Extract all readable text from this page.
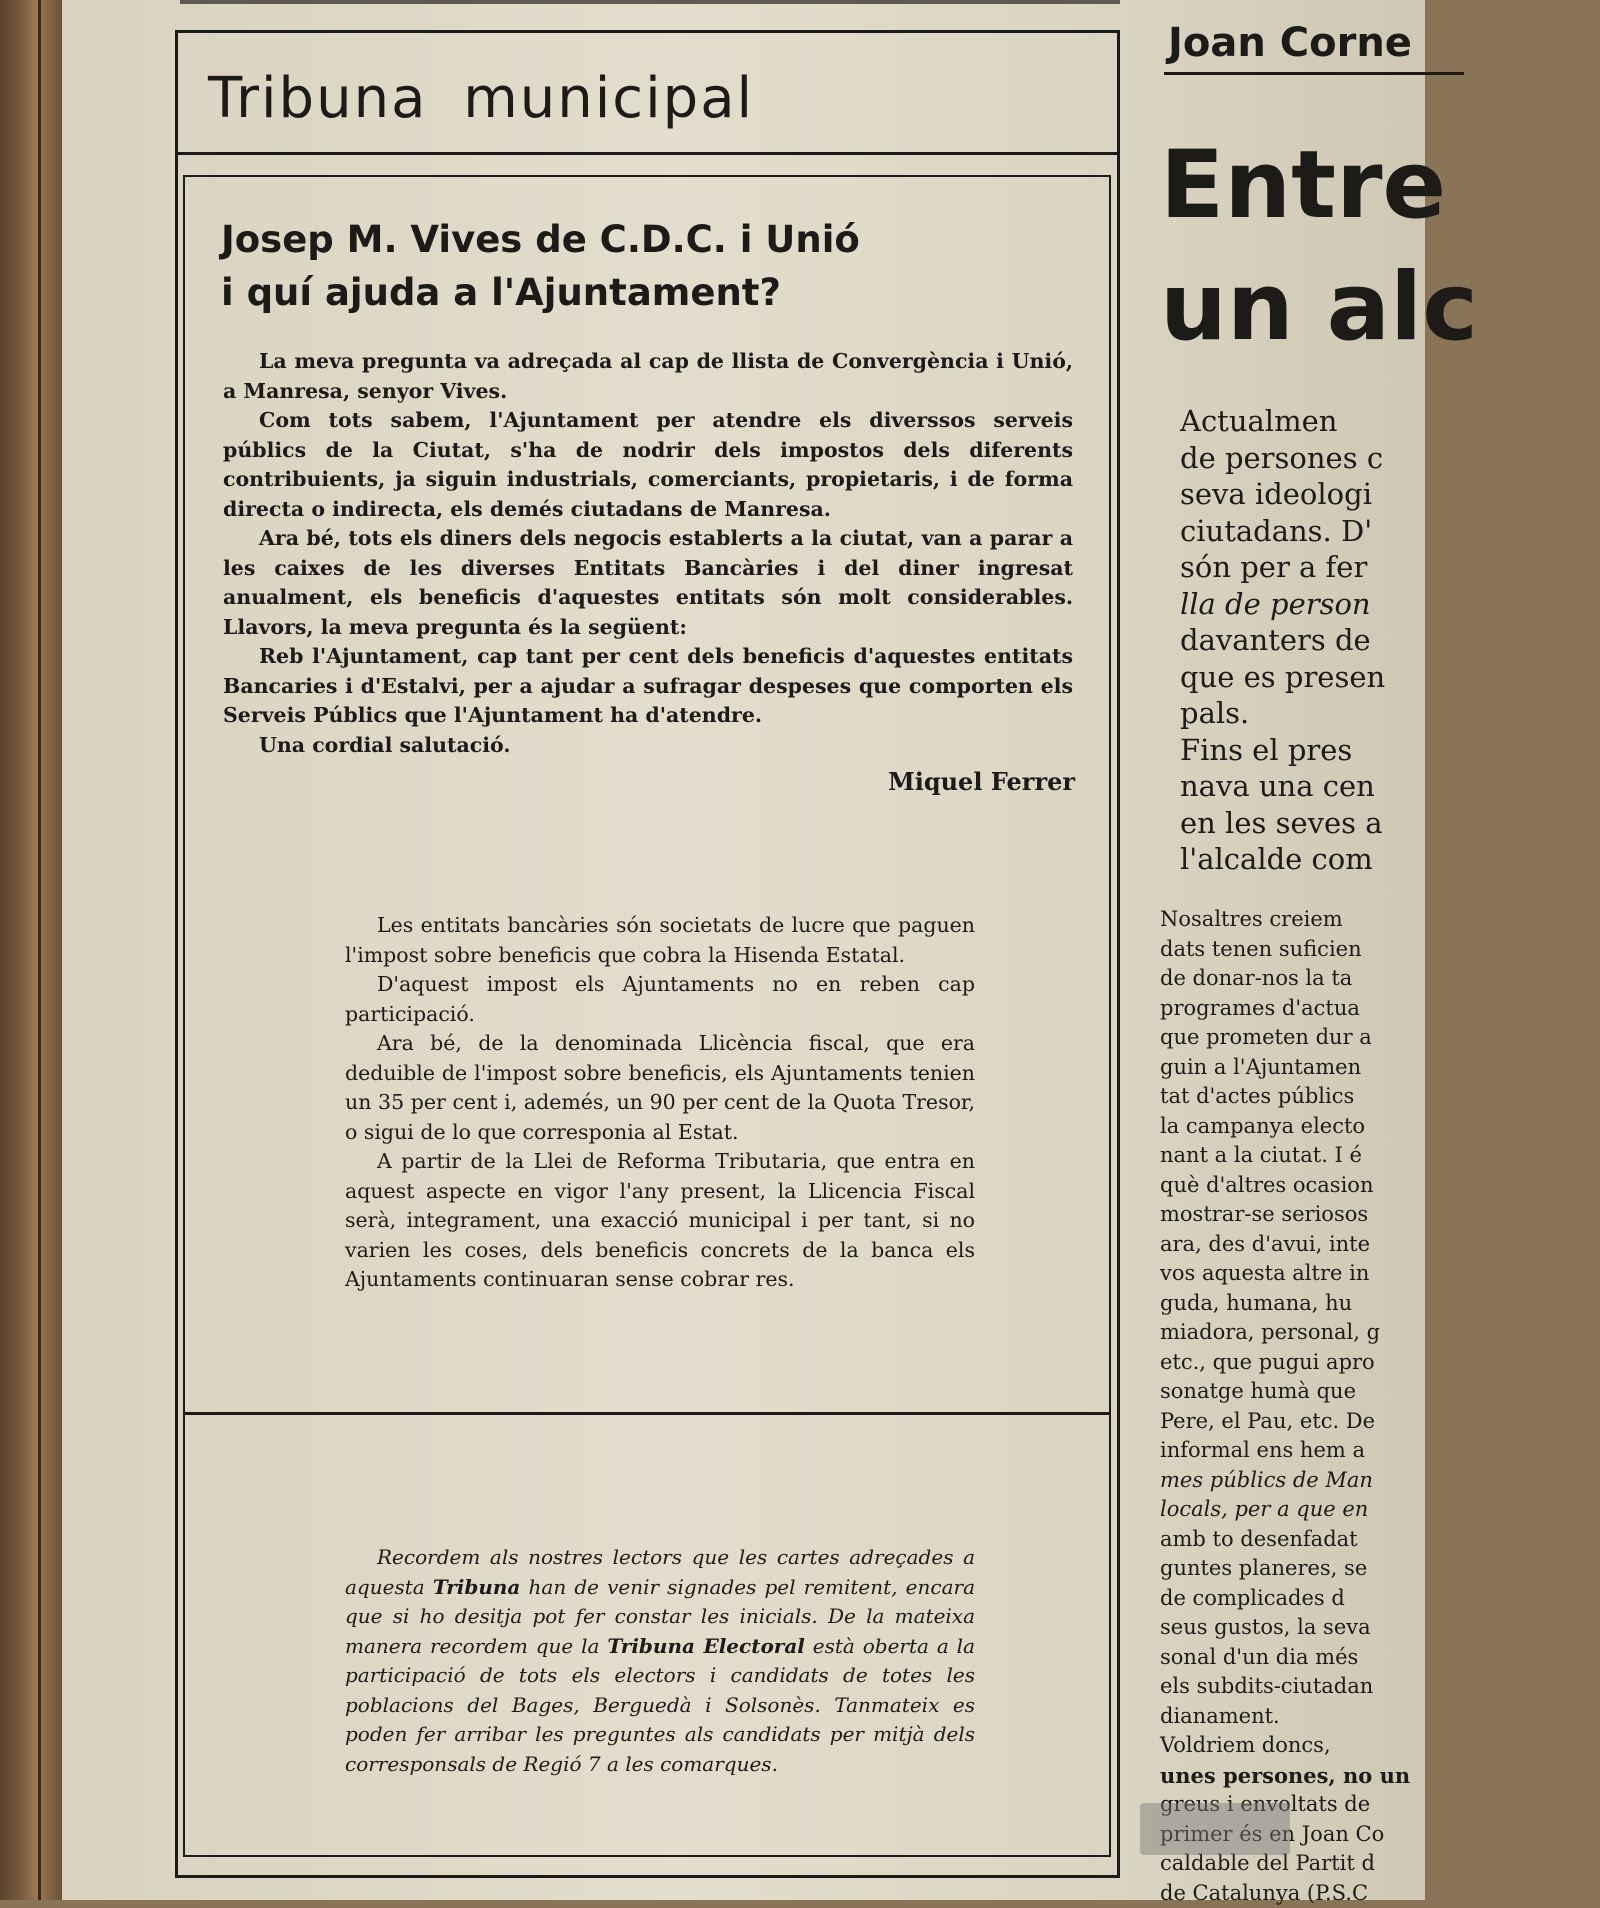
Tribuna municipal
Josep M. Vives de C.D.C. i Unió
i quí ajuda a l'Ajuntament?

La meva pregunta va adreçada al cap de llista de Convergència i Unió, a Manresa, senyor Vives.

Com tots sabem, l'Ajuntament per atendre els diverssos serveis públics de la Ciutat, s'ha de nodrir dels impostos dels diferents contribuients, ja siguin industrials, comerciants, propietaris, i de forma directa o indirecta, els demés ciutadans de Manresa.

Ara bé, tots els diners dels negocis establerts a la ciutat, van a parar a les caixes de les diverses Entitats Bancàries i del diner ingresat anualment, els beneficis d'aquestes entitats són molt considerables. Llavors, la meva pregunta és la següent:

Reb l'Ajuntament, cap tant per cent dels beneficis d'aquestes entitats Bancaries i d'Estalvi, per a ajudar a sufragar despeses que comporten els Serveis Públics que l'Ajuntament ha d'atendre.

Una cordial salutació.

Miquel Ferrer

Les entitats bancàries són societats de lucre que paguen l'impost sobre beneficis que cobra la Hisenda Estatal.

D'aquest impost els Ajuntaments no en reben cap participació.

Ara bé, de la denominada Llicència fiscal, que era deduible de l'impost sobre beneficis, els Ajuntaments tenien un 35 per cent i, ademés, un 90 per cent de la Quota Tresor, o sigui de lo que corresponia al Estat.

A partir de la Llei de Reforma Tributaria, que entra en aquest aspecte en vigor l'any present, la Llicencia Fiscal serà, integrament, una exacció municipal i per tant, si no varien les coses, dels beneficis concrets de la banca els Ajuntaments continuaran sense cobrar res.

Recordem als nostres lectors que les cartes adreçades a aquesta Tribuna han de venir signades pel remitent, encara que si ho desitja pot fer constar les inicials. De la mateixa manera recordem que la Tribuna Electoral està oberta a la participació de tots els electors i candidats de totes les poblacions del Bages, Berguedà i Solsonès. Tanmateix es poden fer arribar les preguntes als candidats per mitjà dels corresponsals de Regió 7 a les comarques.

Joan Corne

Entre
un alc
Actualmen
de persones c
seva ideologi
ciutadans. D'
són per a fer
lla de person
davanters de
que es presen
pals.
Fins el pres
nava una cen
en les seves a
l'alcalde com
Nosaltres creiem
dats tenen suficien
de donar-nos la ta
programes d'actua
que prometen dur a
guin a l'Ajuntamen
tat d'actes públics
la campanya electo
nant a la ciutat. I é
què d'altres ocasion
mostrar-se seriosos
ara, des d'avui, inte
vos aquesta altre in
guda, humana, hu
miadora, personal, g
etc., que pugui apro
sonatge humà que
Pere, el Pau, etc. De
informal ens hem a
mes públics de Man
locals, per a que en
amb to desenfadat
guntes planeres, se
de complicades d
seus gustos, la seva
sonal d'un dia més
els subdits-ciutadan
dianament.
Voldriem doncs,
unes persones, no un
greus i envoltats de
primer és en Joan Co
caldable del Partit d
de Catalunya (P.S.C
